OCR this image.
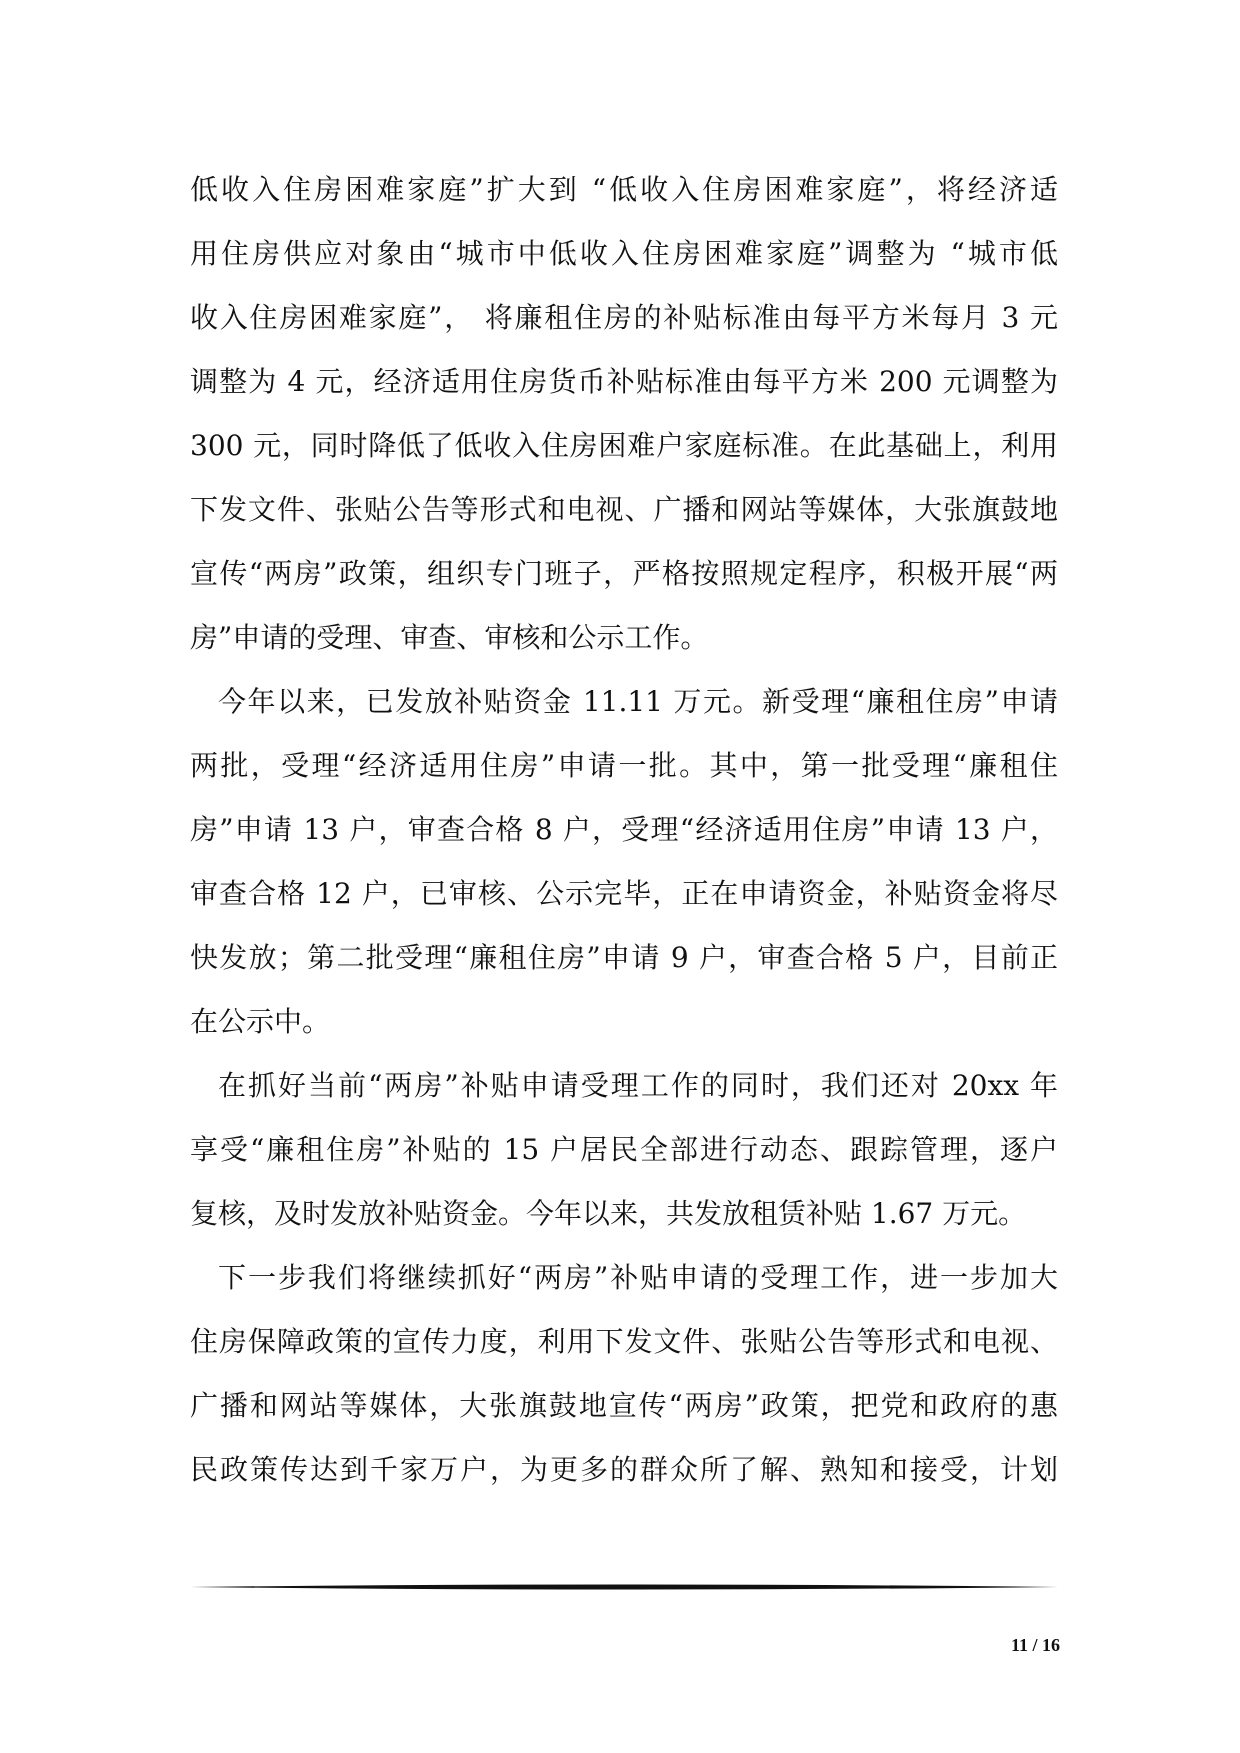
低收入住房困难家庭”扩大到 “低收入住房困难家庭”，将经济适
用住房供应对象由“城市中低收入住房困难家庭”调整为 “城市低
收入住房困难家庭”， 将廉租住房的补贴标准由每平方米每月 3 元
调整为 4 元，经济适用住房货币补贴标准由每平方米 200 元调整为
300 元，同时降低了低收入住房困难户家庭标准。在此基础上，利用
下发文件、张贴公告等形式和电视、广播和网站等媒体，大张旗鼓地
宣传“两房”政策，组织专门班子，严格按照规定程序，积极开展“两
房”申请的受理、审查、审核和公示工作。
今年以来，已发放补贴资金 11.11 万元。新受理“廉租住房”申请
两批，受理“经济适用住房”申请一批。其中，第一批受理“廉租住
房”申请 13 户，审查合格 8 户，受理“经济适用住房”申请 13 户，
审查合格 12 户，已审核、公示完毕，正在申请资金，补贴资金将尽
快发放；第二批受理“廉租住房”申请 9 户，审查合格 5 户，目前正
在公示中。
在抓好当前“两房”补贴申请受理工作的同时，我们还对 20xx 年
享受“廉租住房”补贴的 15 户居民全部进行动态、跟踪管理，逐户
复核，及时发放补贴资金。今年以来，共发放租赁补贴 1.67 万元。
下一步我们将继续抓好“两房”补贴申请的受理工作，进一步加大
住房保障政策的宣传力度，利用下发文件、张贴公告等形式和电视、
广播和网站等媒体，大张旗鼓地宣传“两房”政策，把党和政府的惠
民政策传达到千家万户，为更多的群众所了解、熟知和接受，计划
11 / 16
